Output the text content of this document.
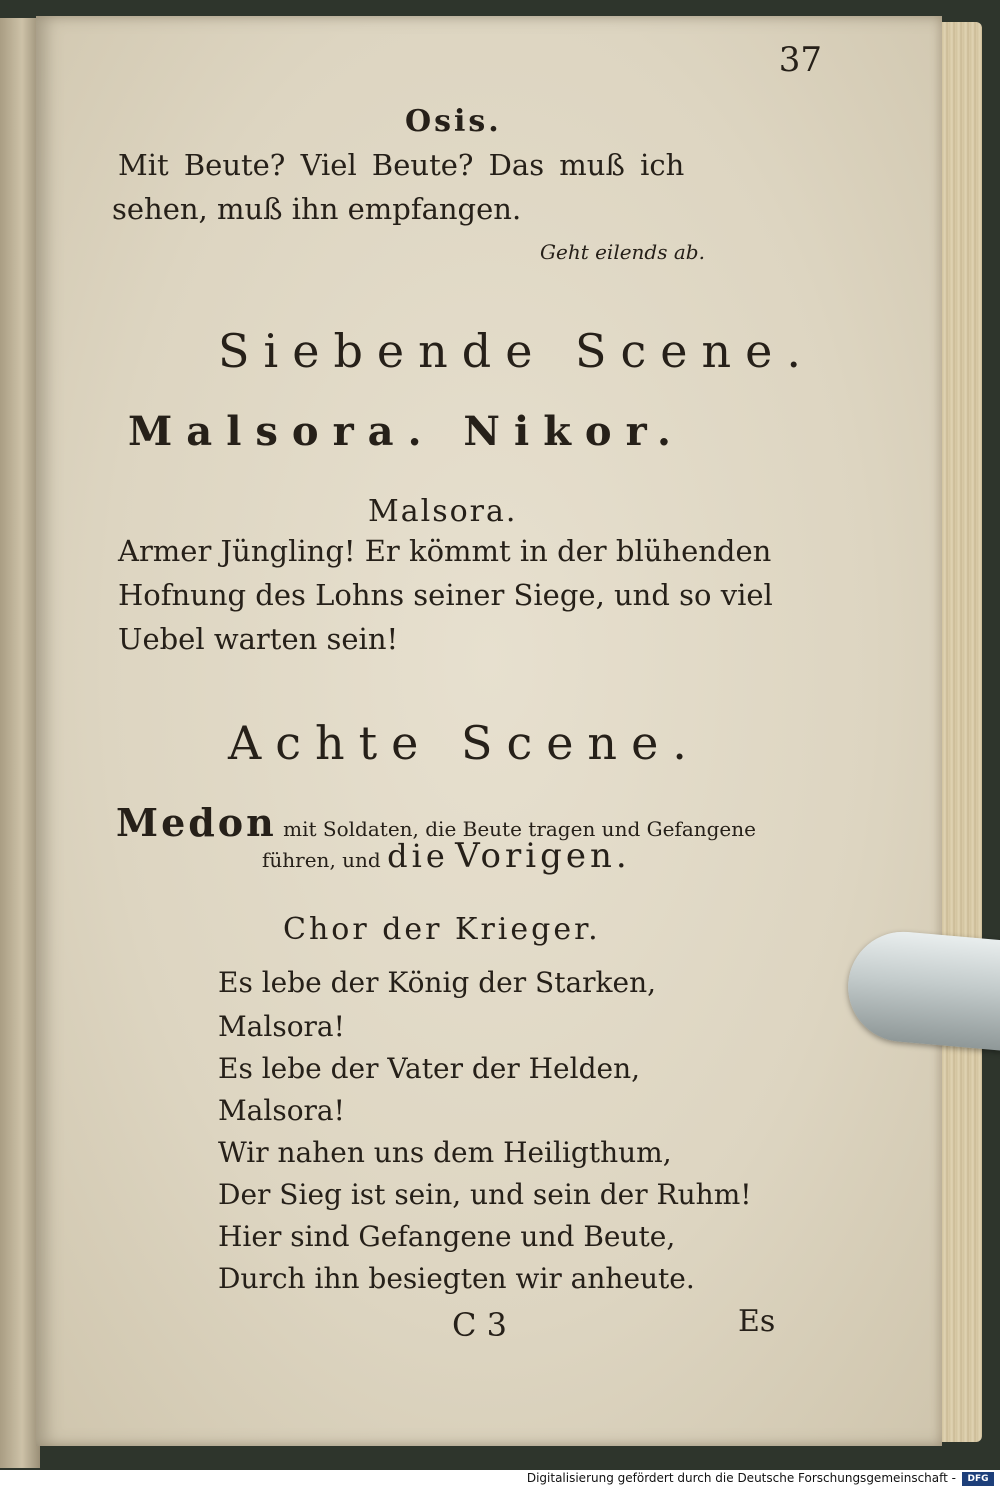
37

Osis.

Mit Beute? Viel Beute? Das muß ich

sehen, muß ihn empfangen.

Geht eilends ab.

Siebende Scene.

Malsora. Nikor.

Malsora.

Armer Jüngling! Er kömmt in der blühenden

Hofnung des Lohns seiner Siege, und so viel

Uebel warten sein!

Achte Scene.

Medon mit Soldaten, die Beute tragen und Gefangene

führen, und die Vorigen.

Chor der Krieger.

Es lebe der König der Starken,

Malsora!

Es lebe der Vater der Helden,

Malsora!

Wir nahen uns dem Heiligthum,

Der Sieg ist sein, und sein der Ruhm!

Hier sind Gefangene und Beute,

Durch ihn besiegten wir anheute.

C 3	Es

Digitalisierung gefördert durch die Deutsche Forschungsgemeinschaft -	DFG
